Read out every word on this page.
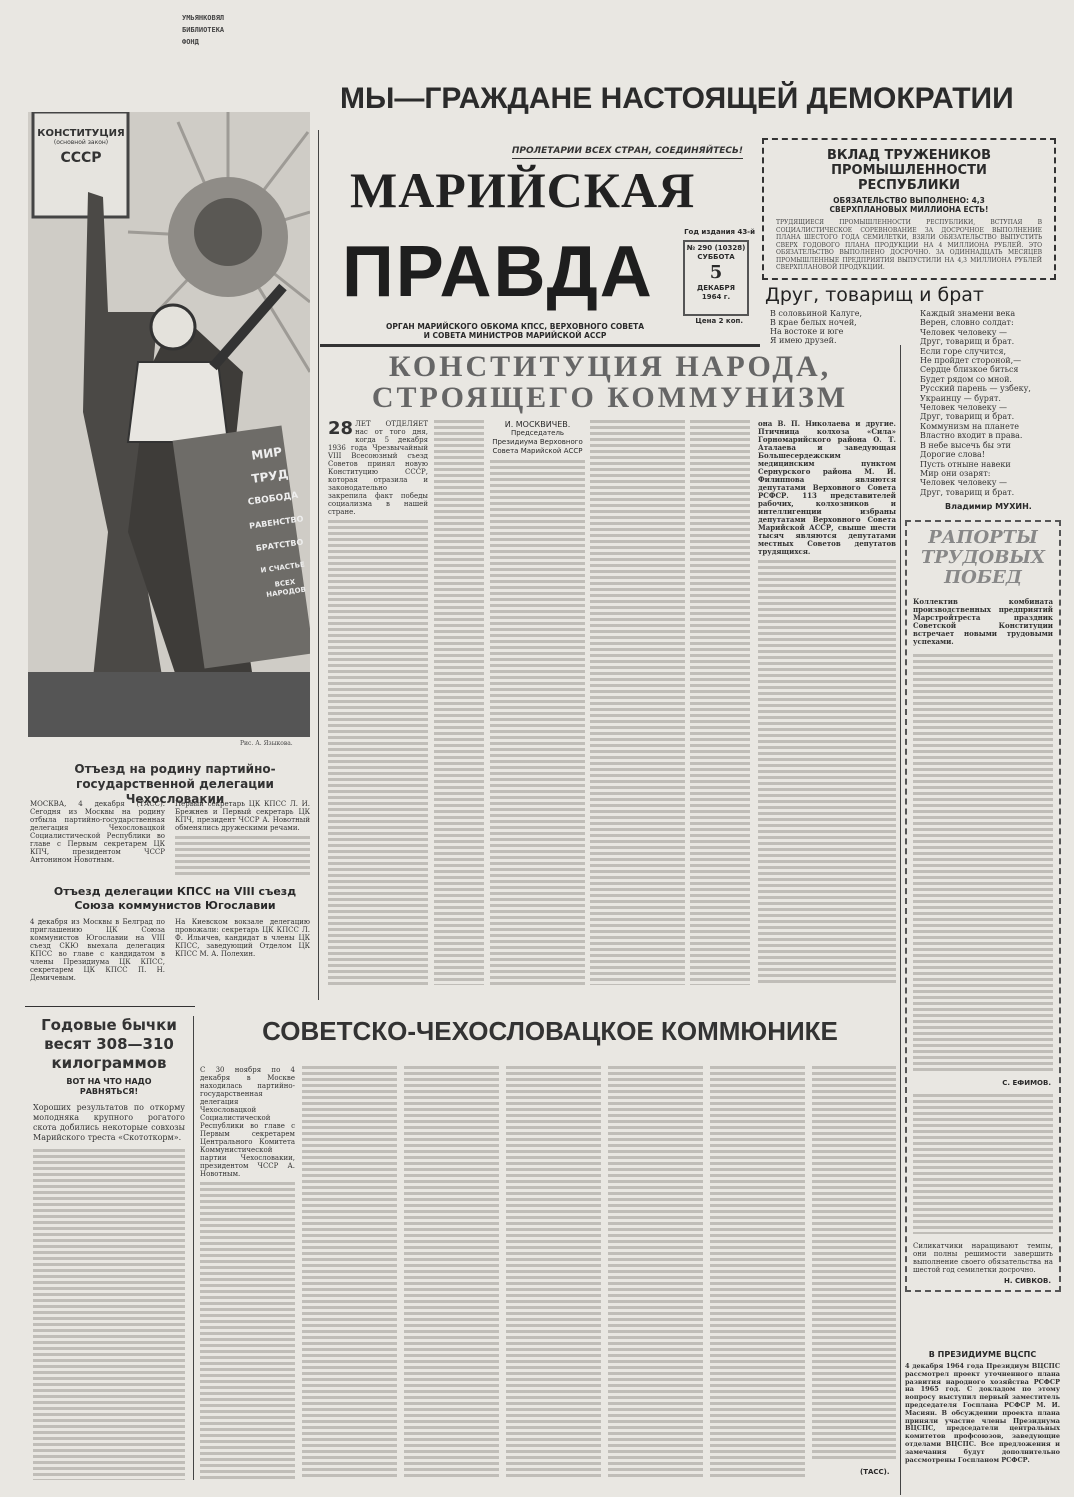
УМЬЯНКОВЯЛ
БИБЛИОТЕКА
ФОНД
МЫ—ГРАЖДАНЕ НАСТОЯЩЕЙ ДЕМОКРАТИИ
КОНСТИТУЦИЯ
(основной закон)
СССР
МИР
ТРУД
СВОБОДА
РАВЕНСТВО
БРАТСТВО
И СЧАСТЬЕ
ВСЕХ
НАРОДОВ
Рис. А. Языкова.
ПРОЛЕТАРИИ ВСЕХ СТРАН, СОЕДИНЯЙТЕСЬ!
МАРИЙСКАЯ
ПРАВДА	Год издания 43-й
№ 290 (10328)
СУББОТА
5
ДЕКАБРЯ
1964 г.
Цена 2 коп.
ОРГАН МАРИЙСКОГО ОБКОМА КПСС, ВЕРХОВНОГО СОВЕТА
И СОВЕТА МИНИСТРОВ МАРИЙСКОЙ АССР
ВКЛАД ТРУЖЕНИКОВ ПРОМЫШЛЕННОСТИ РЕСПУБЛИКИ
ОБЯЗАТЕЛЬСТВО ВЫПОЛНЕНО: 4,3 СВЕРХПЛАНОВЫХ МИЛЛИОНА ЕСТЬ!
ТРУДЯЩИЕСЯ ПРОМЫШЛЕННОСТИ РЕСПУБЛИКИ, ВСТУПАЯ В СОЦИАЛИСТИЧЕСКОЕ СОРЕВНОВАНИЕ ЗА ДОСРОЧНОЕ ВЫПОЛНЕНИЕ ПЛАНА ШЕСТОГО ГОДА СЕМИЛЕТКИ, ВЗЯЛИ ОБЯЗАТЕЛЬСТВО ВЫПУСТИТЬ СВЕРХ ГОДОВОГО ПЛАНА ПРОДУКЦИИ НА 4 МИЛЛИОНА РУБЛЕЙ. ЭТО ОБЯЗАТЕЛЬСТВО ВЫПОЛНЕНО ДОСРОЧНО. ЗА ОДИННАДЦАТЬ МЕСЯЦЕВ ПРОМЫШЛЕННЫЕ ПРЕДПРИЯТИЯ ВЫПУСТИЛИ НА 4,3 МИЛЛИОНА РУБЛЕЙ СВЕРХПЛАНОВОЙ ПРОДУКЦИИ.
Друг, товарищ и брат
В соловьиной Калуге,
В крае белых ночей,
На востоке и юге
Я имею друзей.
Каждый знамени века
Верен, словно солдат:
Человек человеку —
Друг, товарищ и брат.
Если горе случится,
Не пройдет стороной,—
Сердце близкое биться
Будет рядом со мной.
Русский парень — узбеку,
Украинцу — бурят.
Человек человеку —
Друг, товарищ и брат.
Коммунизм на планете
Властно входит в права.
В небе высечь бы эти
Дорогие слова!
Пусть отныне навеки
Мир они озарят:
Человек человеку —
Друг, товарищ и брат.
Владимир МУХИН.
КОНСТИТУЦИЯ НАРОДА,
СТРОЯЩЕГО КОММУНИЗМ
28 ЛЕТ ОТДЕЛЯЕТ нас от того дня, когда 5 декабря 1936 года Чрезвычайный VIII Всесоюзный съезд Советов принял новую Конституцию СССР, которая отразила и законодательно закрепила факт победы социализма в нашей стране.
И. МОСКВИЧЕВ.
Председатель Президиума Верховного Совета Марийской АССР
она В. П. Николаева и другие. Птичница колхоза «Сила» Горномарийского района О. Т. Аталаева и заведующая Большесердежским медицинским пунктом Сернурского района М. И. Филиппова являются депутатами Верховного Совета РСФСР. 113 представителей рабочих, колхозников и интеллигенции избраны депутатами Верховного Совета Марийской АССР, свыше шести тысяч являются депутатами местных Советов депутатов трудящихся.
РАПОРТЫ ТРУДОВЫХ ПОБЕД
Коллектив комбината производственных предприятий Марстройтреста праздник Советской Конституции встречает новыми трудовыми успехами.
С. ЕФИМОВ.
Силикатчики наращивают темпы, они полны решимости завершить выполнение своего обязательства на шестой год семилетки досрочно.
Н. СИВКОВ.
Отъезд на родину партийно-государственной делегации Чехословакии
МОСКВА, 4 декабря (ТАСС). Сегодня из Москвы на родину отбыла партийно-государственная делегация Чехословацкой Социалистической Республики во главе с Первым секретарем ЦК КПЧ, президентом ЧССР Антонином Новотным.
Первый секретарь ЦК КПСС Л. И. Брежнев и Первый секретарь ЦК КПЧ, президент ЧССР А. Новотный обменялись дружескими речами.
Отъезд делегации КПСС на VIII съезд Союза коммунистов Югославии
4 декабря из Москвы в Белград по приглашению ЦК Союза коммунистов Югославии на VIII съезд СКЮ выехала делегация КПСС во главе с кандидатом в члены Президиума ЦК КПСС, секретарем ЦК КПСС П. Н. Демичевым.
На Киевском вокзале делегацию провожали: секретарь ЦК КПСС Л. Ф. Ильичев, кандидат в члены ЦК КПСС, заведующий Отделом ЦК КПСС М. А. Полехин.
Годовые бычки весят 308—310 килограммов
ВОТ НА ЧТО НАДО РАВНЯТЬСЯ!
Хороших результатов по откорму молодняка крупного рогатого скота добились некоторые совхозы Марийского треста «Скототкорм».
СОВЕТСКО-ЧЕХОСЛОВАЦКОЕ КОММЮНИКЕ
С 30 ноября по 4 декабря в Москве находилась партийно-государственная делегация Чехословацкой Социалистической Республики во главе с Первым секретарем Центрального Комитета Коммунистической партии Чехословакии, президентом ЧССР А. Новотным.
(ТАСС).
В ПРЕЗИДИУМЕ ВЦСПС
4 декабря 1964 года Президиум ВЦСПС рассмотрел проект уточненного плана развития народного хозяйства РСФСР на 1965 год. С докладом по этому вопросу выступил первый заместитель председателя Госплана РСФСР М. И. Масиян. В обсуждении проекта плана приняли участие члены Президиума ВЦСПС, председатели центральных комитетов профсоюзов, заведующие отделами ВЦСПС. Все предложения и замечания будут дополнительно рассмотрены Госпланом РСФСР.
